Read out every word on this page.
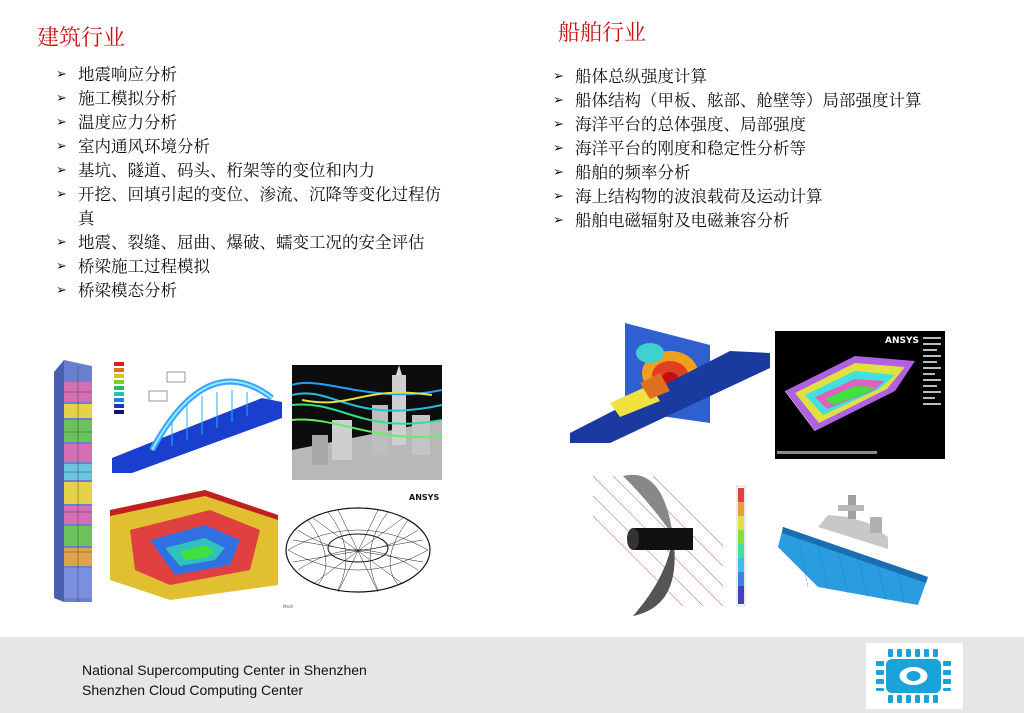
建筑行业	船舶行业
➢ 地震响应分析
➢ 施工模拟分析
➢ 温度应力分析
➢ 室内通风环境分析
➢ 基坑、隧道、码头、桁架等的变位和内力
➢ 开挖、回填引起的变位、渗流、沉降等变化过程仿真
➢ 地震、裂缝、屈曲、爆破、蠕变工况的安全评估
➢ 桥梁施工过程模拟
➢ 桥梁模态分析
➢ 船体总纵强度计算
➢ 船体结构（甲板、舷部、舱壁等）局部强度计算
➢ 海洋平台的总体强度、局部强度
➢ 海洋平台的刚度和稳定性分析等
➢ 船舶的频率分析
➢ 海上结构物的波浪载荷及运动计算
➢ 船舶电磁辐射及电磁兼容分析
ANSYS
Mesh
ANSYS
National Supercomputing Center in Shenzhen
Shenzhen Cloud Computing Center
